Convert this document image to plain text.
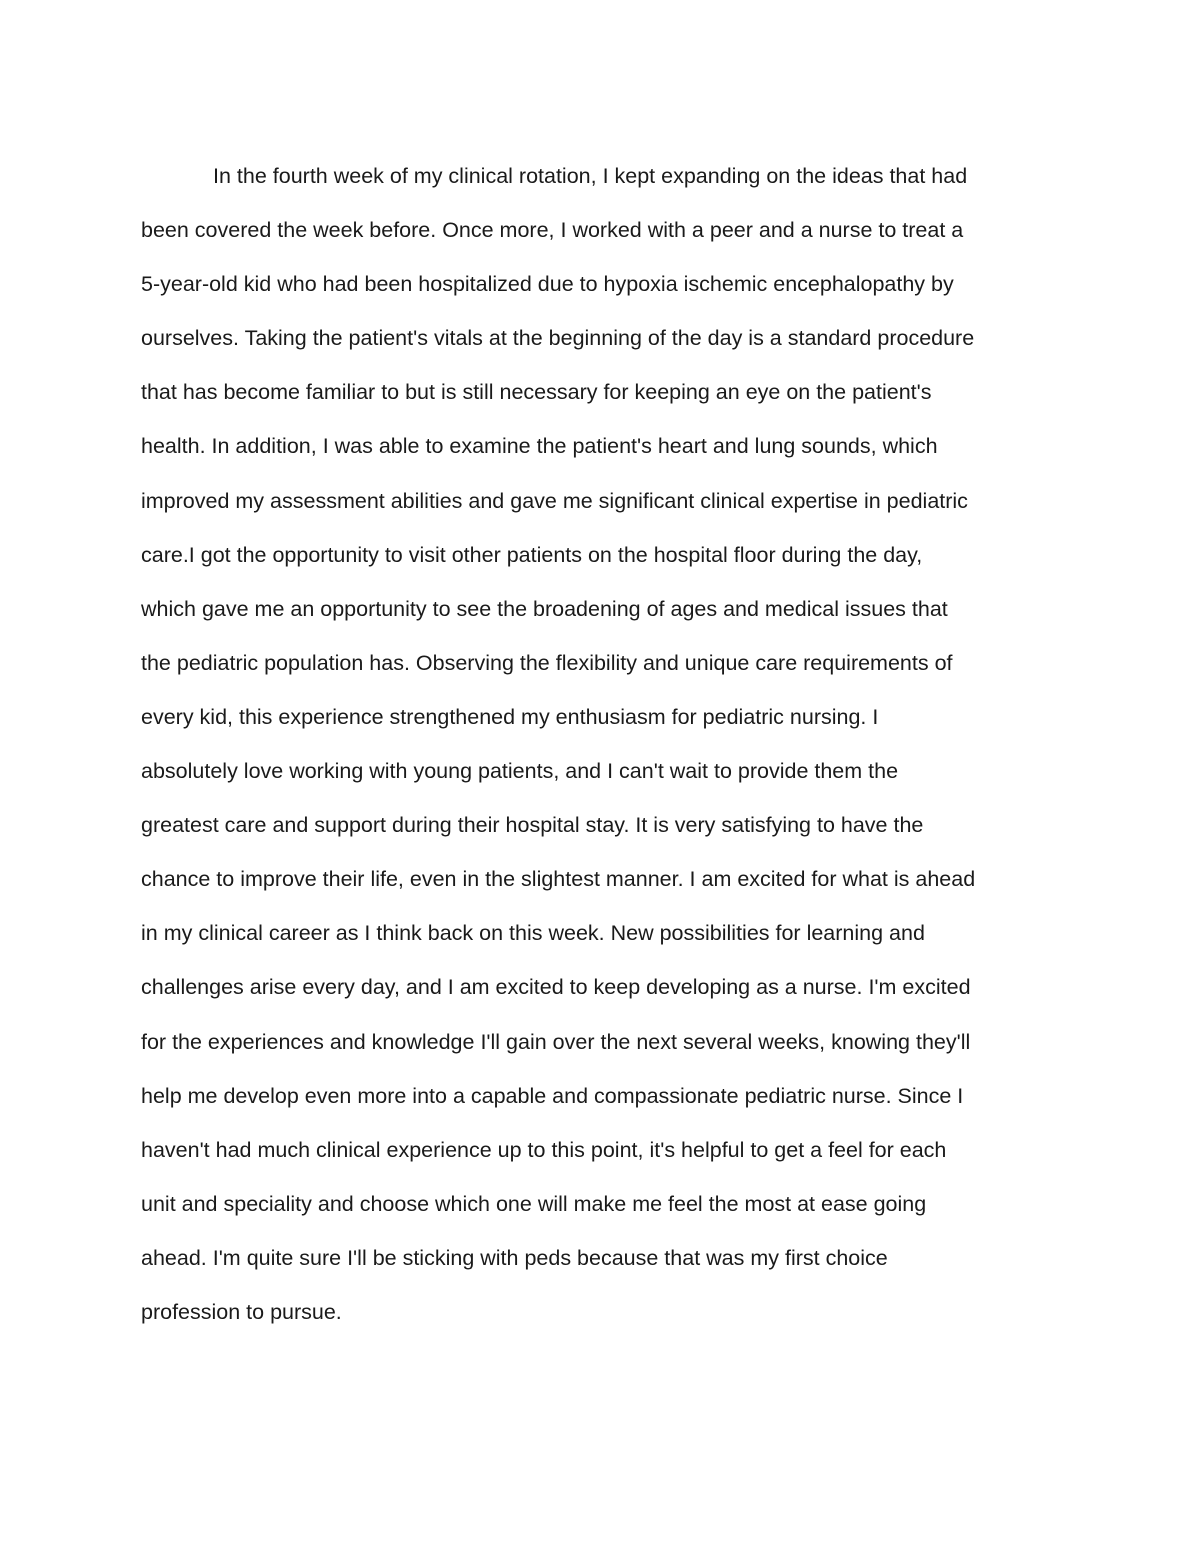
In the fourth week of my clinical rotation, I kept expanding on the ideas that had
been covered the week before. Once more, I worked with a peer and a nurse to treat a
5-year-old kid who had been hospitalized due to hypoxia ischemic encephalopathy by
ourselves. Taking the patient's vitals at the beginning of the day is a standard procedure
that has become familiar to but is still necessary for keeping an eye on the patient's
health. In addition, I was able to examine the patient's heart and lung sounds, which
improved my assessment abilities and gave me significant clinical expertise in pediatric
care.I got the opportunity to visit other patients on the hospital floor during the day,
which gave me an opportunity to see the broadening of ages and medical issues that
the pediatric population has. Observing the flexibility and unique care requirements of
every kid, this experience strengthened my enthusiasm for pediatric nursing. I
absolutely love working with young patients, and I can't wait to provide them the
greatest care and support during their hospital stay. It is very satisfying to have the
chance to improve their life, even in the slightest manner. I am excited for what is ahead
in my clinical career as I think back on this week. New possibilities for learning and
challenges arise every day, and I am excited to keep developing as a nurse. I'm excited
for the experiences and knowledge I'll gain over the next several weeks, knowing they'll
help me develop even more into a capable and compassionate pediatric nurse. Since I
haven't had much clinical experience up to this point, it's helpful to get a feel for each
unit and speciality and choose which one will make me feel the most at ease going
ahead. I'm quite sure I'll be sticking with peds because that was my first choice
profession to pursue.
